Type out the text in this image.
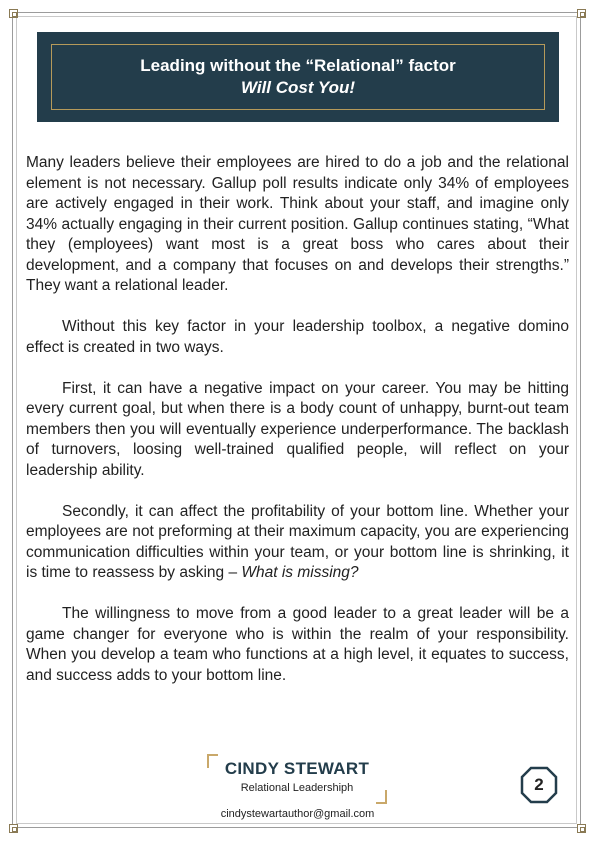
Leading without the “Relational” factor
Will Cost You!

Many leaders believe their employees are hired to do a job and the relational element is not necessary. Gallup poll results indicate only 34% of employees are actively engaged in their work. Think about your staff, and imagine only 34% actually engaging in their current position. Gallup continues stating, “What they (employees) want most is a great boss who cares about their development, and a company that focuses on and develops their strengths.” They want a relational leader.

Without this key factor in your leadership toolbox, a negative domino effect is created in two ways.

First, it can have a negative impact on your career. You may be hitting every current goal, but when there is a body count of unhappy, burnt-out team members then you will eventually experience underperformance. The backlash of turnovers, loosing well-trained qualified people, will reflect on your leadership ability.

Secondly, it can affect the profitability of your bottom line. Whether your employees are not preforming at their maximum capacity, you are experiencing communication difficulties within your team, or your bottom line is shrinking, it is time to reassess by asking – What is missing?

The willingness to move from a good leader to a great leader will be a game changer for everyone who is within the realm of your responsibility. When you develop a team who functions at a high level, it equates to success, and success adds to your bottom line.

CINDY STEWART
Relational Leadershiph	2
cindystewartauthor@gmail.com
